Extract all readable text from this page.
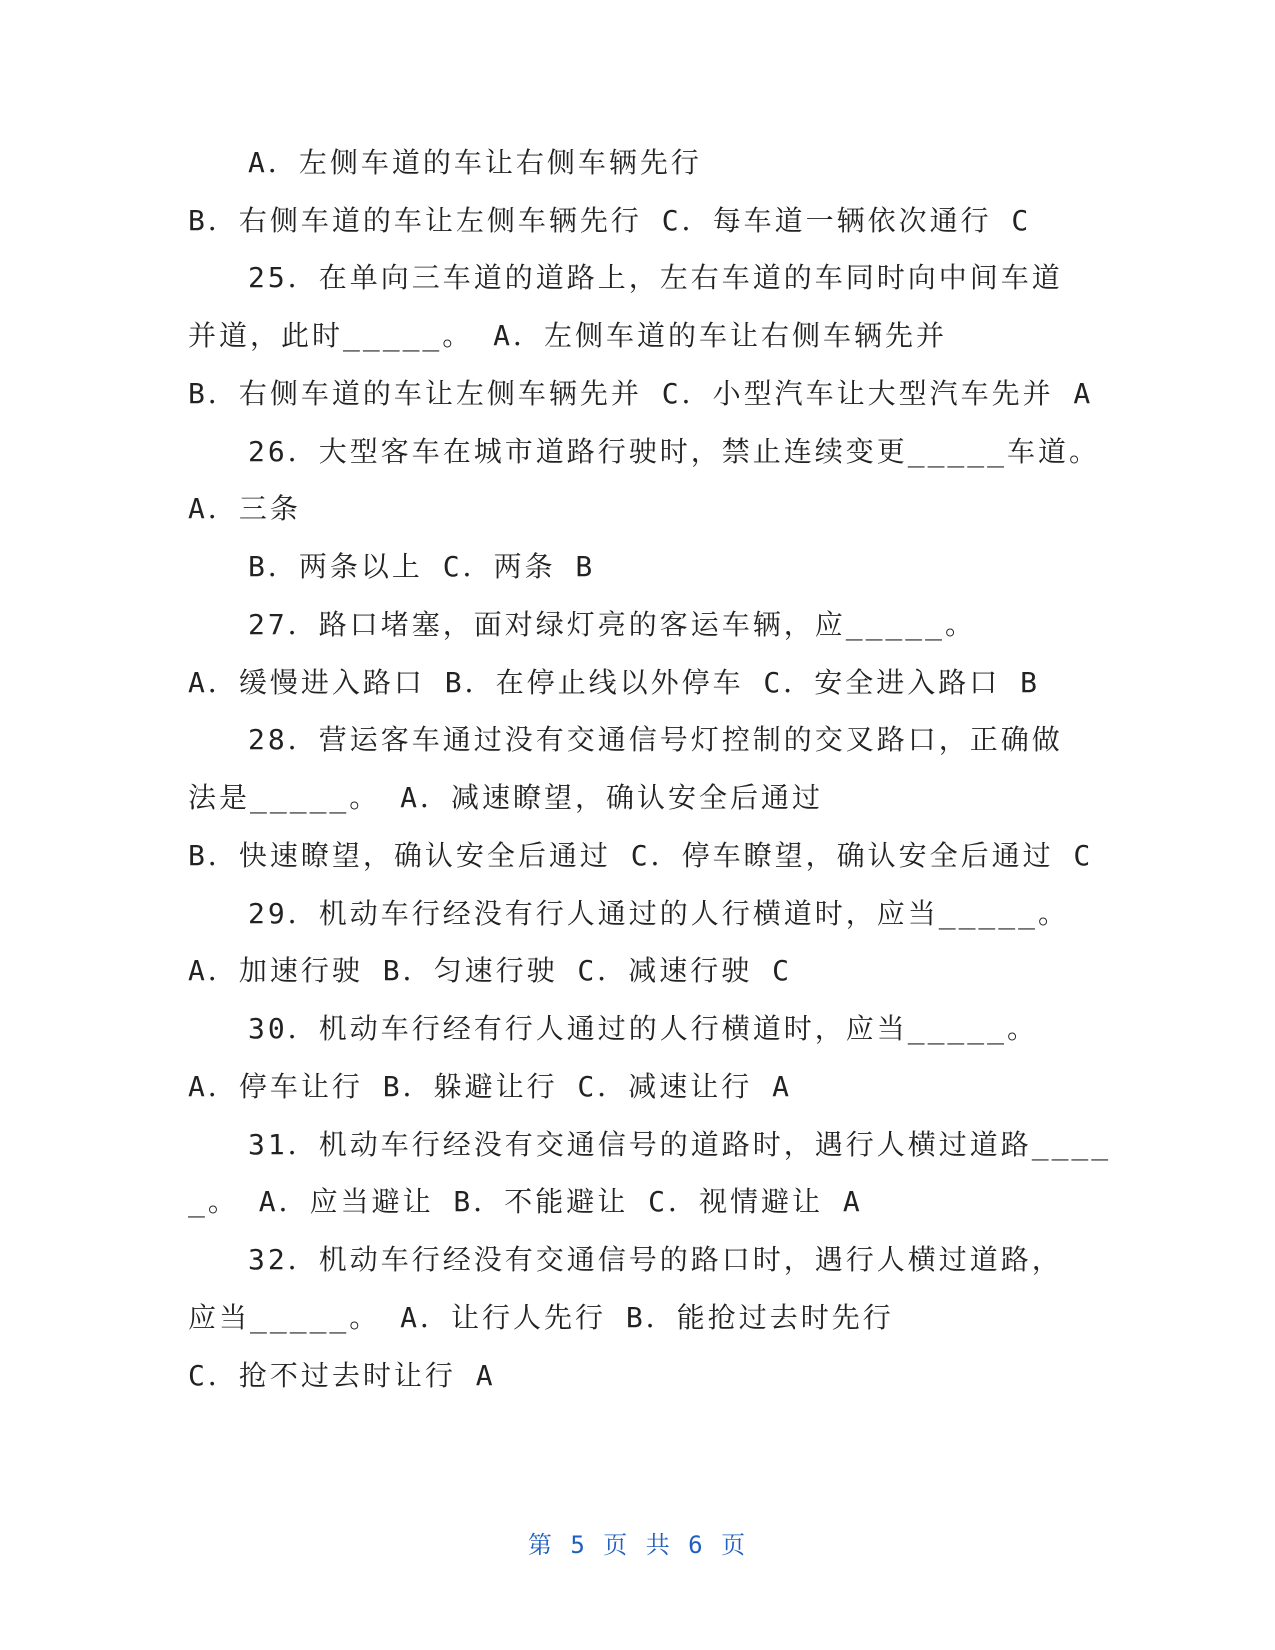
A．左侧车道的车让右侧车辆先行
B．右侧车道的车让左侧车辆先行 C．每车道一辆依次通行 C
25．在单向三车道的道路上，左右车道的车同时向中间车道
并道，此时_____。 A．左侧车道的车让右侧车辆先并
B．右侧车道的车让左侧车辆先并 C．小型汽车让大型汽车先并 A
26．大型客车在城市道路行驶时，禁止连续变更_____车道。
A．三条
B．两条以上 C．两条 B
27．路口堵塞，面对绿灯亮的客运车辆，应_____。
A．缓慢进入路口 B．在停止线以外停车 C．安全进入路口 B
28．营运客车通过没有交通信号灯控制的交叉路口，正确做
法是_____。 A．减速瞭望，确认安全后通过
B．快速瞭望，确认安全后通过 C．停车瞭望，确认安全后通过 C
29．机动车行经没有行人通过的人行横道时，应当_____。
A．加速行驶 B．匀速行驶 C．减速行驶 C
30．机动车行经有行人通过的人行横道时，应当_____。
A．停车让行 B．躲避让行 C．减速让行 A
31．机动车行经没有交通信号的道路时，遇行人横过道路____
_。 A．应当避让 B．不能避让 C．视情避让 A
32．机动车行经没有交通信号的路口时，遇行人横过道路，
应当_____。 A．让行人先行 B．能抢过去时先行
C．抢不过去时让行 A
第 5 页 共 6 页
